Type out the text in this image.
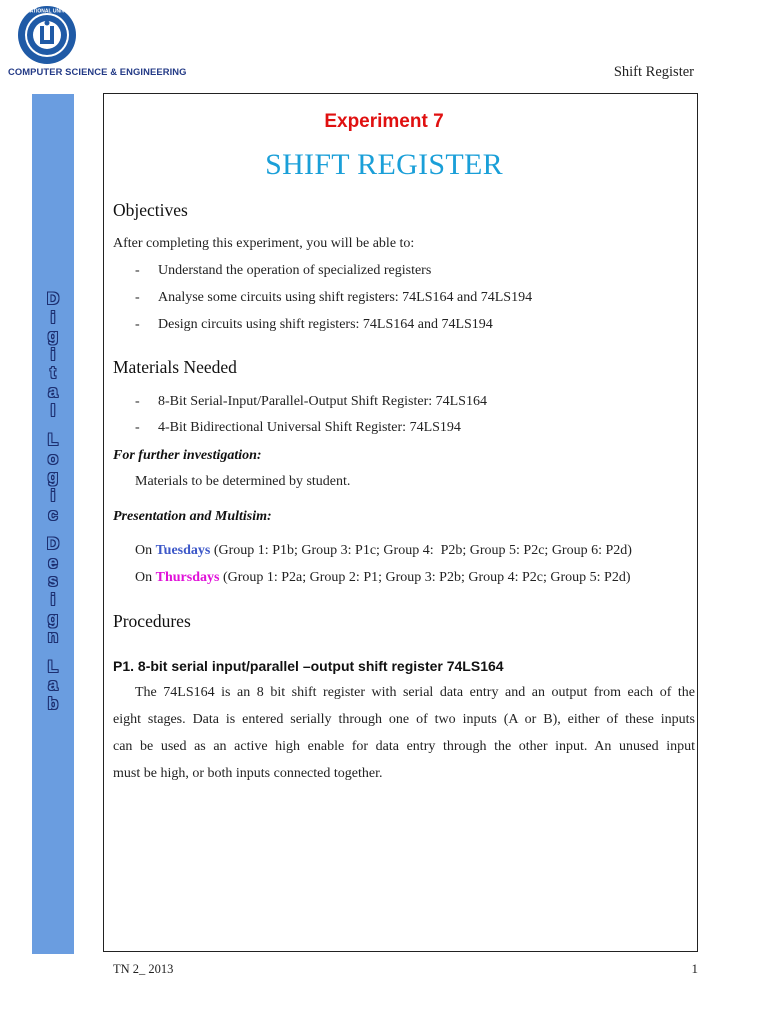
INTERNATIONAL UNIVERSITY
COMPUTER SCIENCE & ENGINEERING	Shift Register
D
i
g
i
t
a
l
L
o
g
i
c
D
e
s
i
g
n
L
a
b
Experiment 7
SHIFT REGISTER
Objectives
After completing this experiment, you will be able to:
- Understand the operation of specialized registers
- Analyse some circuits using shift registers: 74LS164 and 74LS194
- Design circuits using shift registers: 74LS164 and 74LS194
Materials Needed
- 8-Bit Serial-Input/Parallel-Output Shift Register: 74LS164
- 4-Bit Bidirectional Universal Shift Register: 74LS194
For further investigation:
Materials to be determined by student.
Presentation and Multisim:
On Tuesdays (Group 1: P1b; Group 3: P1c; Group 4:  P2b; Group 5: P2c; Group 6: P2d)
On Thursdays (Group 1: P2a; Group 2: P1; Group 3: P2b; Group 4: P2c; Group 5: P2d)
Procedures
P1. 8-bit serial input/parallel –output shift register 74LS164
The 74LS164 is an 8 bit shift register with serial data entry and an output from each of the
eight stages. Data is entered serially through one of two inputs (A or B), either of these inputs
can be used as an active high enable for data entry through the other input. An unused input
must be high, or both inputs connected together.
TN 2_ 2013	1
